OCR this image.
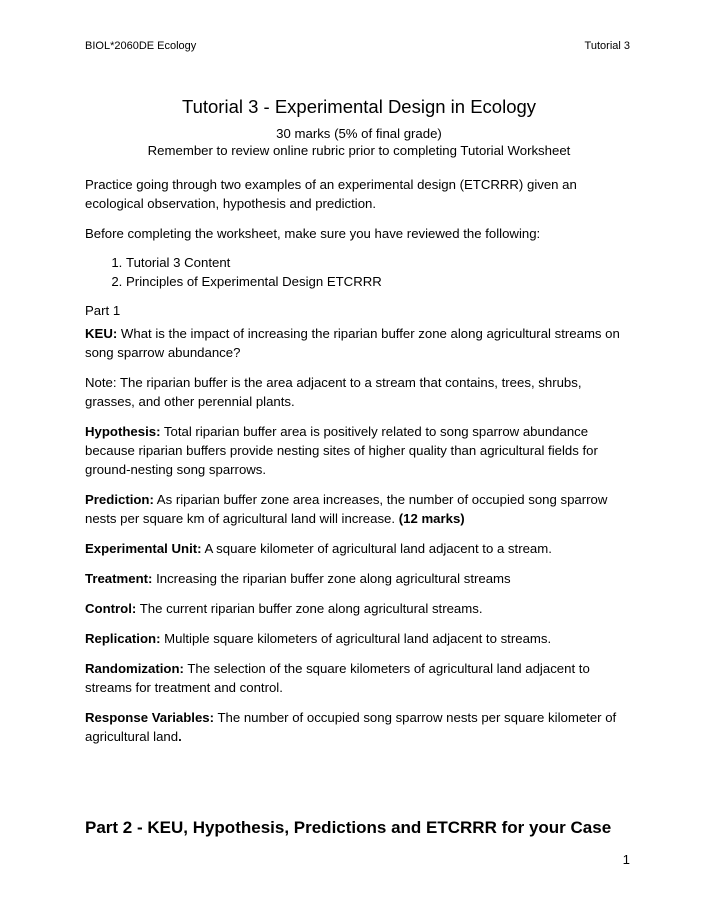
BIOL*2060DE Ecology	Tutorial 3
Tutorial 3 - Experimental Design in Ecology

30 marks (5% of final grade)

Remember to review online rubric prior to completing Tutorial Worksheet

Practice going through two examples of an experimental design (ETCRRR) given an ecological observation, hypothesis and prediction.

Before completing the worksheet, make sure you have reviewed the following:

1. Tutorial 3 Content
2. Principles of Experimental Design ETCRRR

Part 1

KEU: What is the impact of increasing the riparian buffer zone along agricultural streams on song sparrow abundance?

Note: The riparian buffer is the area adjacent to a stream that contains, trees, shrubs, grasses, and other perennial plants.

Hypothesis: Total riparian buffer area is positively related to song sparrow abundance because riparian buffers provide nesting sites of higher quality than agricultural fields for ground-nesting song sparrows.

Prediction: As riparian buffer zone area increases, the number of occupied song sparrow nests per square km of agricultural land will increase. (12 marks)

Experimental Unit: A square kilometer of agricultural land adjacent to a stream.

Treatment: Increasing the riparian buffer zone along agricultural streams

Control: The current riparian buffer zone along agricultural streams.

Replication: Multiple square kilometers of agricultural land adjacent to streams.

Randomization: The selection of the square kilometers of agricultural land adjacent to streams for treatment and control.

Response Variables: The number of occupied song sparrow nests per square kilometer of agricultural land.

Part 2 - KEU, Hypothesis, Predictions and ETCRRR for your Case
1
